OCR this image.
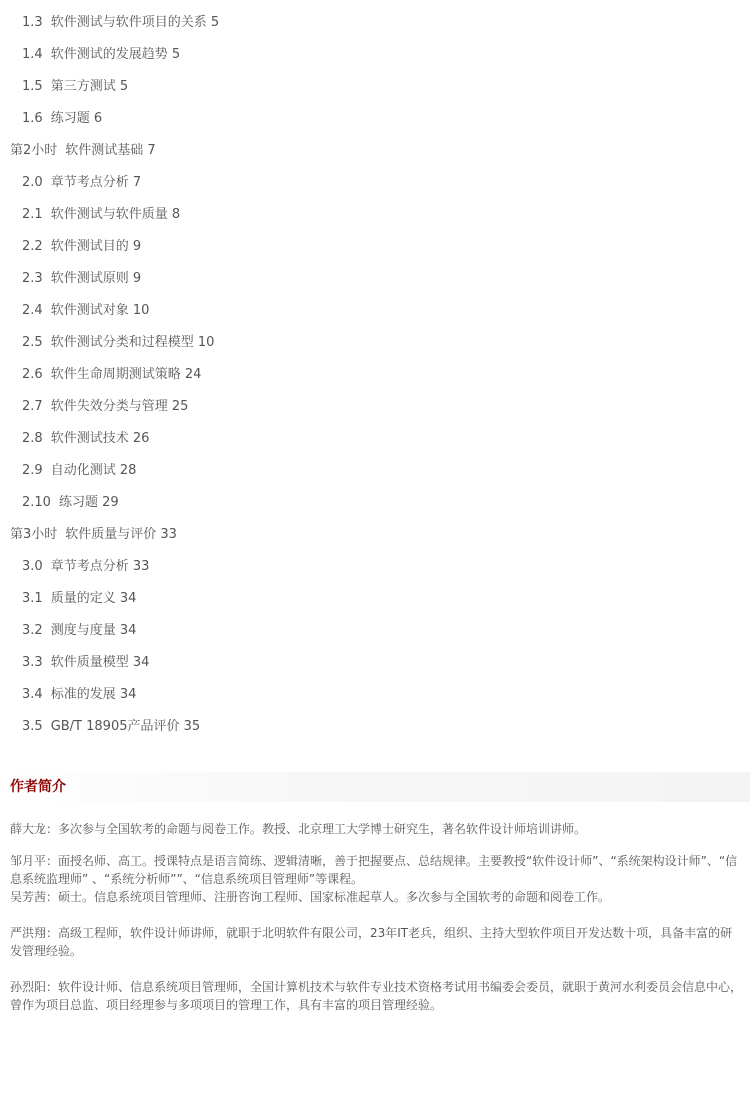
1.3 软件测试与软件项目的关系 5
1.4 软件测试的发展趋势 5
1.5 第三方测试 5
1.6 练习题 6
第2小时 软件测试基础 7
2.0 章节考点分析 7
2.1 软件测试与软件质量 8
2.2 软件测试目的 9
2.3 软件测试原则 9
2.4 软件测试对象 10
2.5 软件测试分类和过程模型 10
2.6 软件生命周期测试策略 24
2.7 软件失效分类与管理 25
2.8 软件测试技术 26
2.9 自动化测试 28
2.10 练习题 29
第3小时 软件质量与评价 33
3.0 章节考点分析 33
3.1 质量的定义 34
3.2 测度与度量 34
3.3 软件质量模型 34
3.4 标准的发展 34
3.5 GB/T 18905产品评价 35
作者简介
薛大龙：多次参与全国软考的命题与阅卷工作。教授、北京理工大学博士研究生，著名软件设计师培训讲师。
邹月平：面授名师、高工。授课特点是语言简练、逻辑清晰，善于把握要点、总结规律。主要教授“软件设计师”、“系统架构设计师”、“信息系统监理师” 、“系统分析师””、“信息系统项目管理师”等课程。
吴芳茜：硕士。信息系统项目管理师、注册咨询工程师、国家标准起草人。多次参与全国软考的命题和阅卷工作。
严洪翔：高级工程师，软件设计师讲师，就职于北明软件有限公司，23年IT老兵，组织、主持大型软件项目开发达数十项，具备丰富的研发管理经验。
孙烈阳：软件设计师、信息系统项目管理师，全国计算机技术与软件专业技术资格考试用书编委会委员，就职于黄河水利委员会信息中心，曾作为项目总监、项目经理参与多项项目的管理工作，具有丰富的项目管理经验。
